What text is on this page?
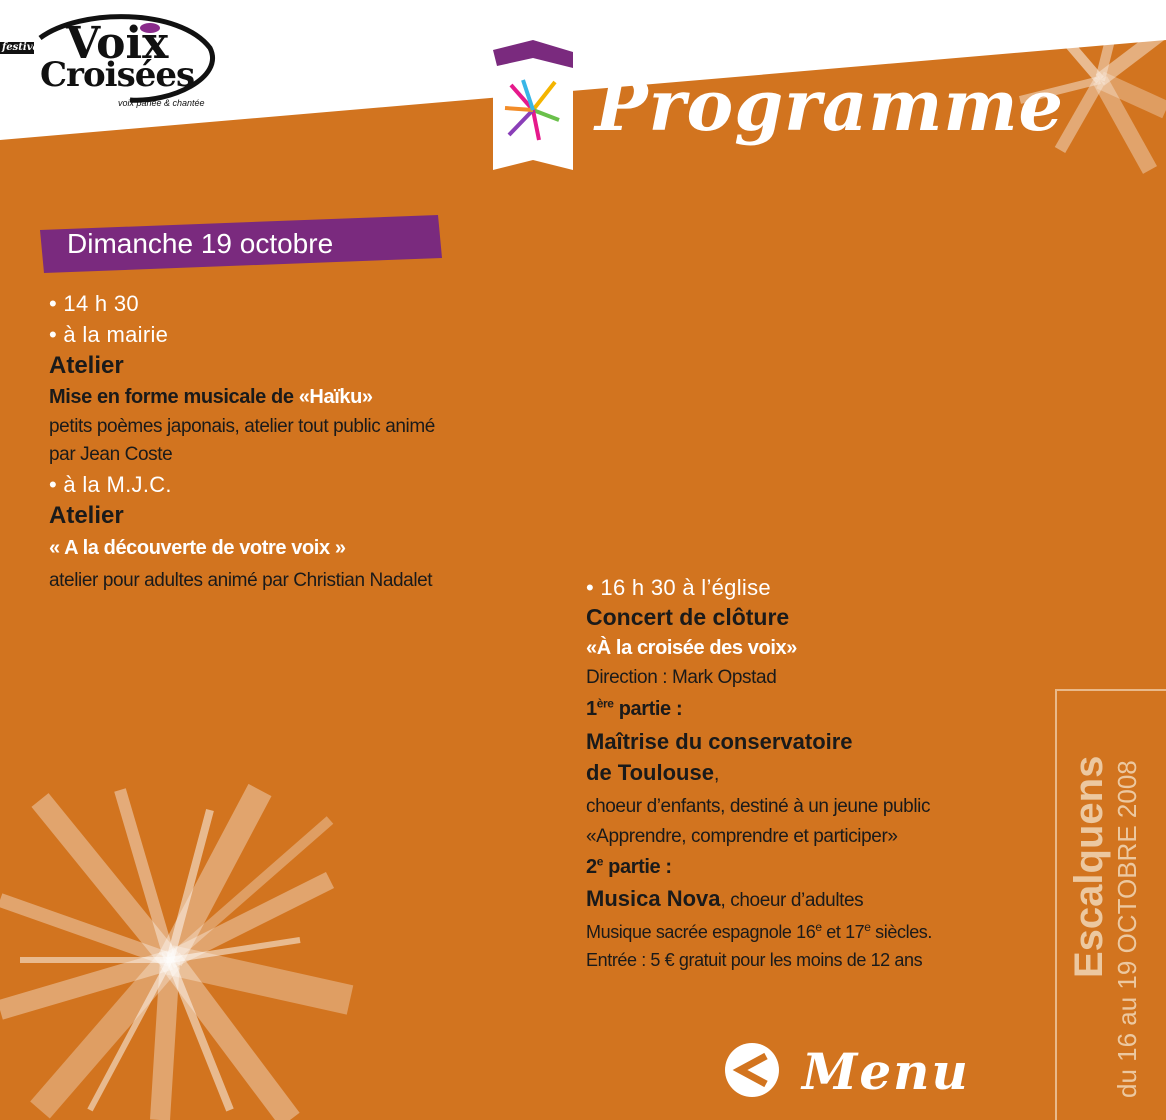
festival Voix
Croisées
voix parlée & chantée	Programme
Dimanche 19 octobre
• 14 h 30
• à la mairie
Atelier
Mise en forme musicale de «Haïku»
petits poèmes japonais, atelier tout public animé
par Jean Coste
• à la M.J.C.
Atelier
« A la découverte de votre voix »
atelier pour adultes animé par Christian Nadalet	• 16 h 30 à l’église
Concert de clôture
«À la croisée des voix»
Direction : Mark Opstad
1ère partie :
Maîtrise du conservatoire
de Toulouse,
choeur d’enfants, destiné à un jeune public
«Apprendre, comprendre et participer»
2e partie :
Musica Nova, choeur d’adultes
Musique sacrée espagnole 16e et 17e siècles.
Entrée : 5 € gratuit pour les moins de 12 ans	Escalquens du 16 au 19 OCTOBRE 2008
Menu
